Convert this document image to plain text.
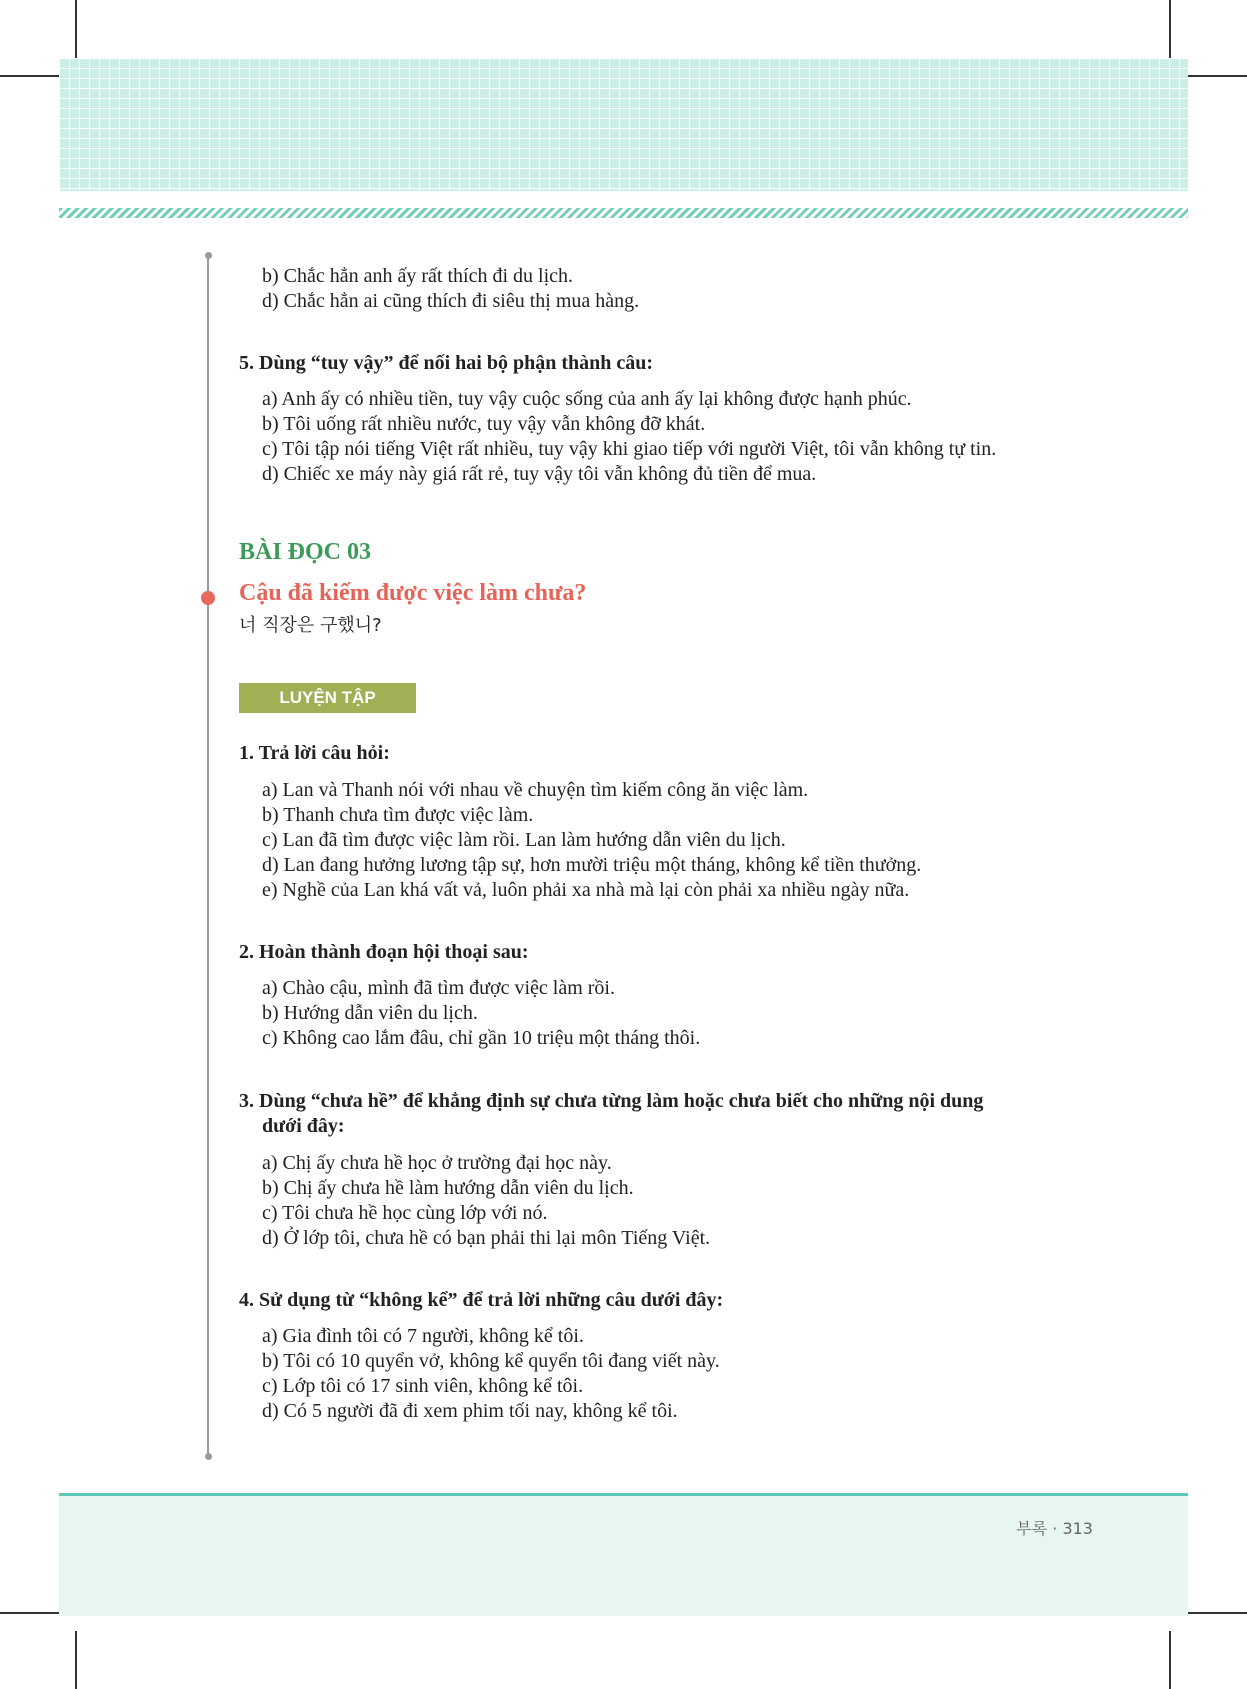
b) Chắc hẳn anh ấy rất thích đi du lịch.
d) Chắc hẳn ai cũng thích đi siêu thị mua hàng.
5. Dùng “tuy vậy” để nối hai bộ phận thành câu:
a) Anh ấy có nhiều tiền, tuy vậy cuộc sống của anh ấy lại không được hạnh phúc.
b) Tôi uống rất nhiều nước, tuy vậy vẫn không đỡ khát.
c) Tôi tập nói tiếng Việt rất nhiều, tuy vậy khi giao tiếp với người Việt, tôi vẫn không tự tin.
d) Chiếc xe máy này giá rất rẻ, tuy vậy tôi vẫn không đủ tiền để mua.
BÀI ĐỌC 03
Cậu đã kiếm được việc làm chưa?
너 직장은 구했니?
LUYỆN TẬP
1. Trả lời câu hỏi:
a) Lan và Thanh nói với nhau về chuyện tìm kiếm công ăn việc làm.
b) Thanh chưa tìm được việc làm.
c) Lan đã tìm được việc làm rồi. Lan làm hướng dẫn viên du lịch.
d) Lan đang hưởng lương tập sự, hơn mười triệu một tháng, không kể tiền thưởng.
e) Nghề của Lan khá vất vả, luôn phải xa nhà mà lại còn phải xa nhiều ngày nữa.
2. Hoàn thành đoạn hội thoại sau:
a) Chào cậu, mình đã tìm được việc làm rồi.
b) Hướng dẫn viên du lịch.
c) Không cao lắm đâu, chỉ gần 10 triệu một tháng thôi.
3. Dùng “chưa hề” để khẳng định sự chưa từng làm hoặc chưa biết cho những nội dung
dưới đây:
a) Chị ấy chưa hề học ở trường đại học này.
b) Chị ấy chưa hề làm hướng dẫn viên du lịch.
c) Tôi chưa hề học cùng lớp với nó.
d) Ở lớp tôi, chưa hề có bạn phải thi lại môn Tiếng Việt.
4. Sử dụng từ “không kể” để trả lời những câu dưới đây:
a) Gia đình tôi có 7 người, không kể tôi.
b) Tôi có 10 quyển vở, không kể quyển tôi đang viết này.
c) Lớp tôi có 17 sinh viên, không kể tôi.
d) Có 5 người đã đi xem phim tối nay, không kể tôi.
부록 · 313
